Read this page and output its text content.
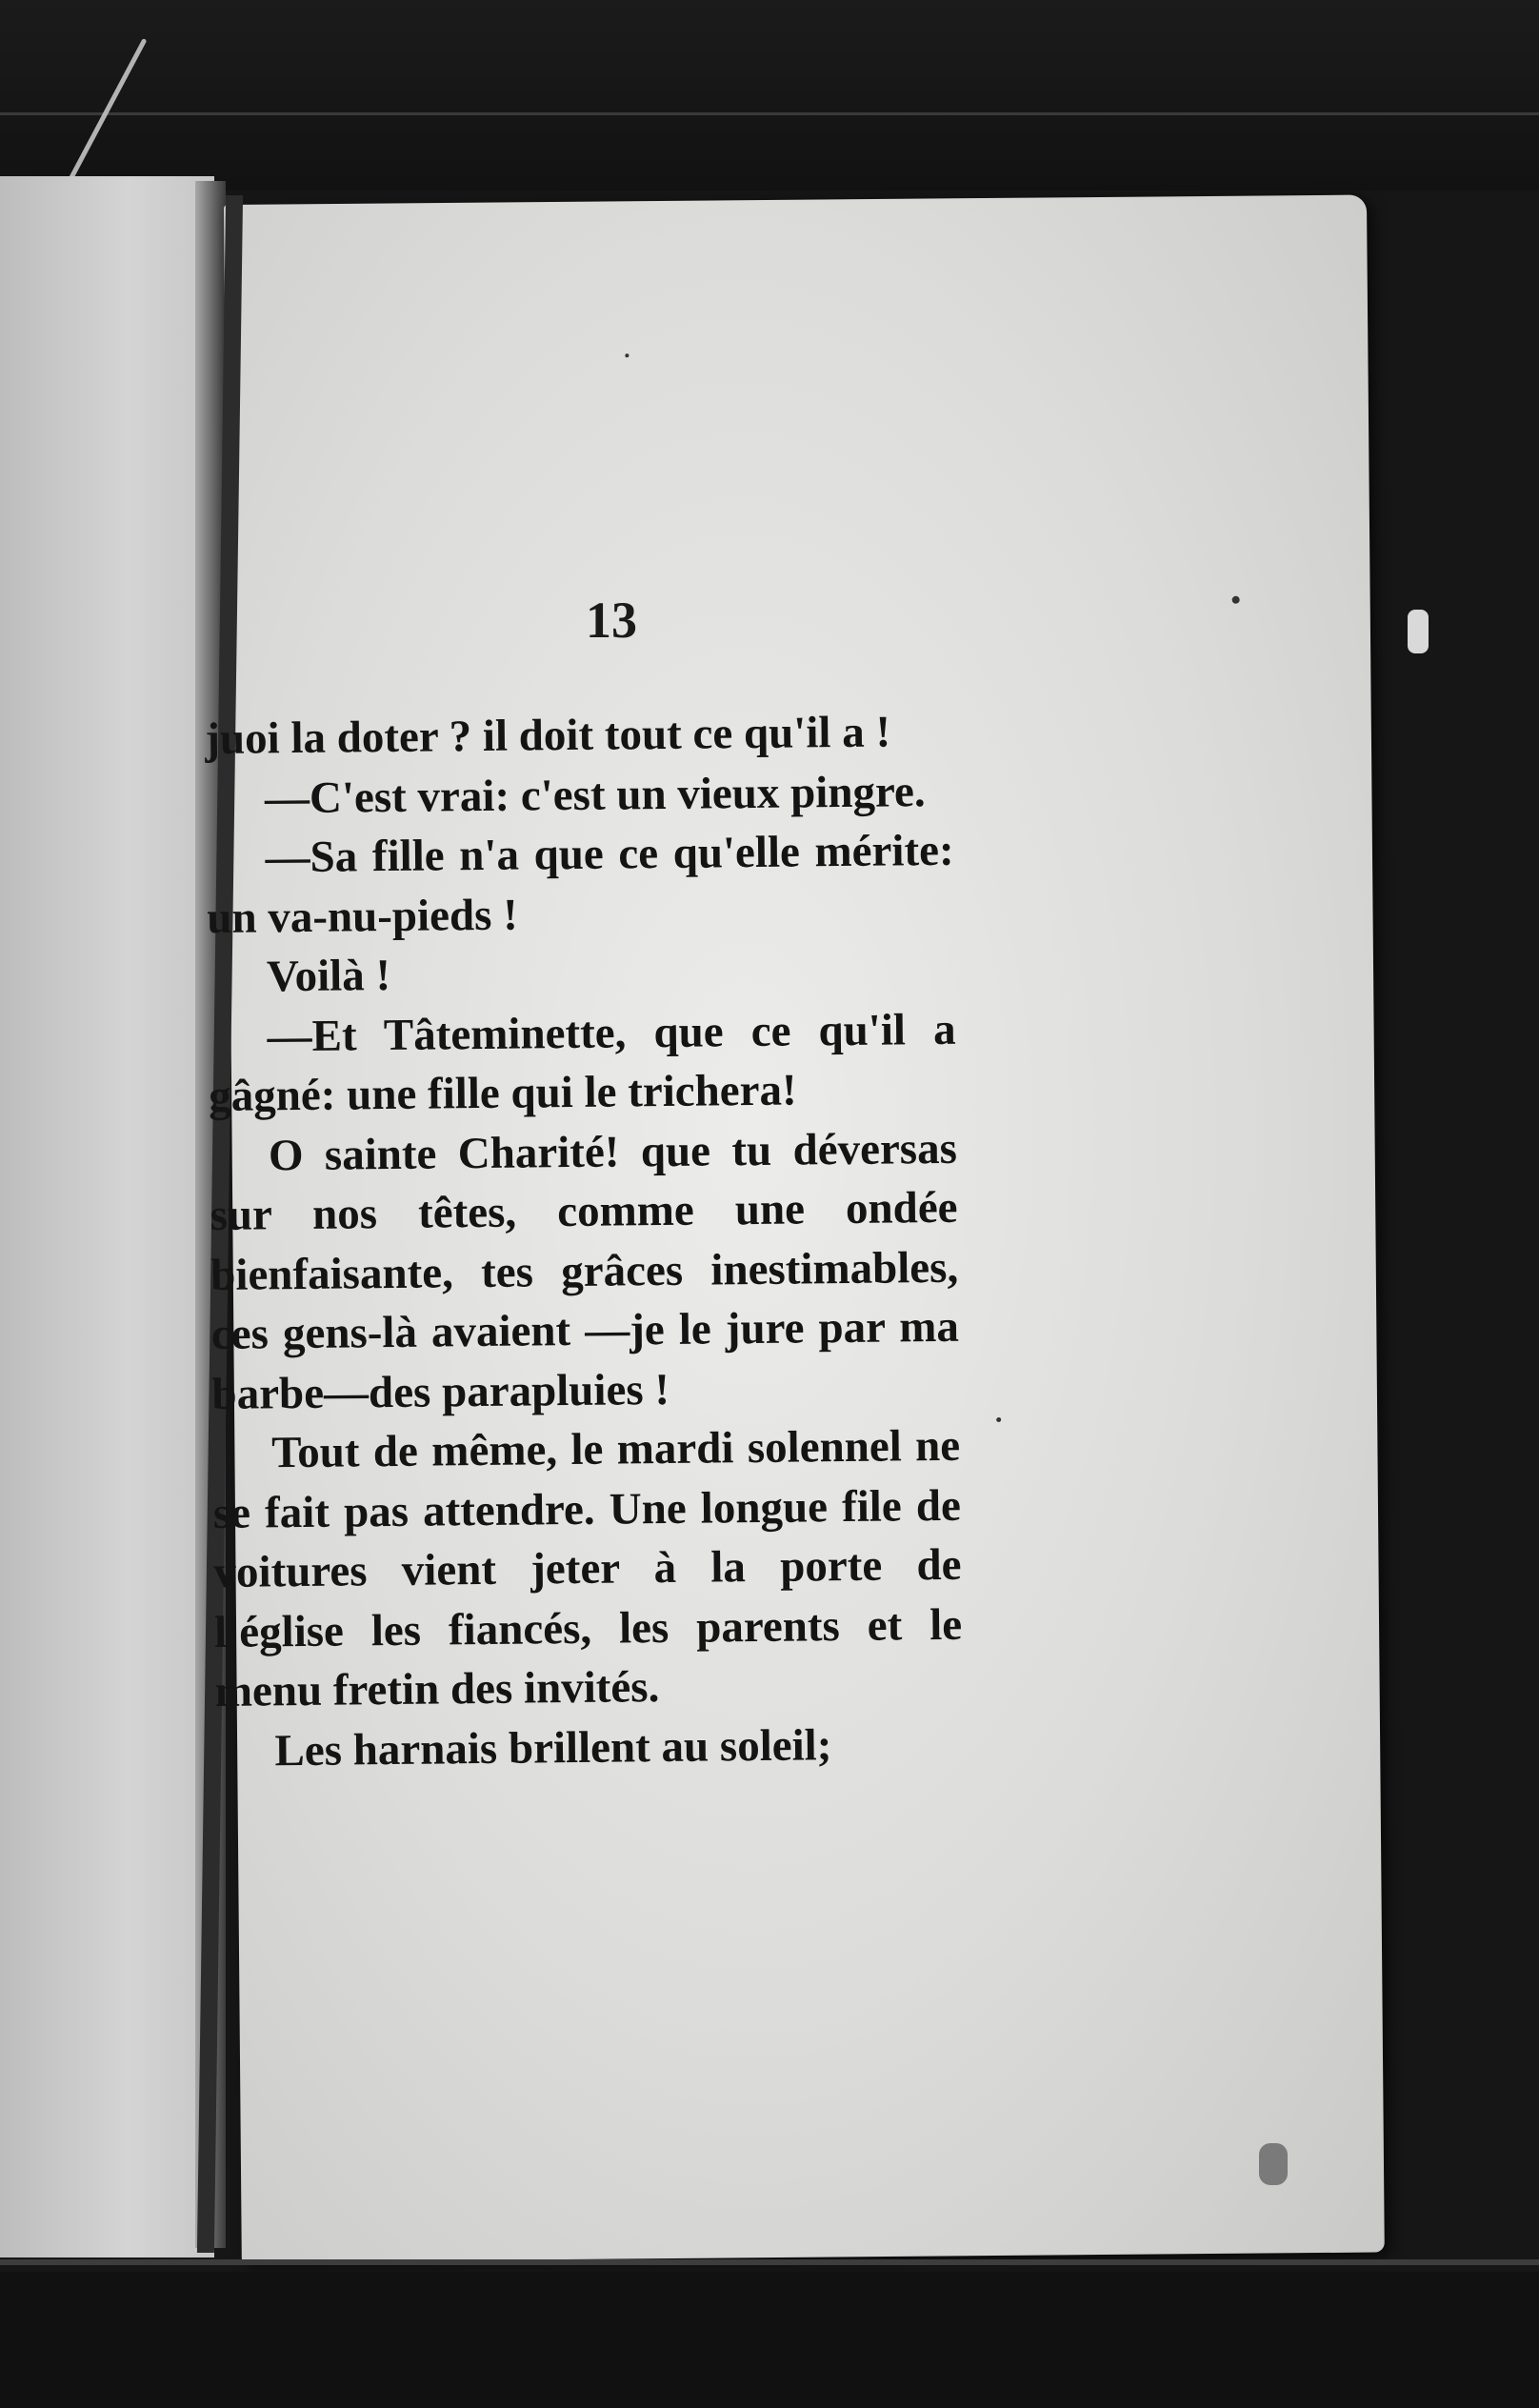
13

juoi la doter ? il doit tout ce qu'il a !

—C'est vrai: c'est un vieux pingre.

—Sa fille n'a que ce qu'elle mérite: un va-nu-pieds !

Voilà !

—Et Tâteminette, que ce qu'il a gâgné: une fille qui le trichera!

O sainte Charité! que tu déversas sur nos têtes, comme une ondée bienfaisante, tes grâces inestimables, ces gens-là avaient —je le jure par ma barbe—des parapluies !

Tout de même, le mardi solennel ne se fait pas attendre. Une longue file de voitures vient jeter à la porte de l'église les fiancés, les parents et le menu fretin des invités.

Les harnais brillent au soleil;
